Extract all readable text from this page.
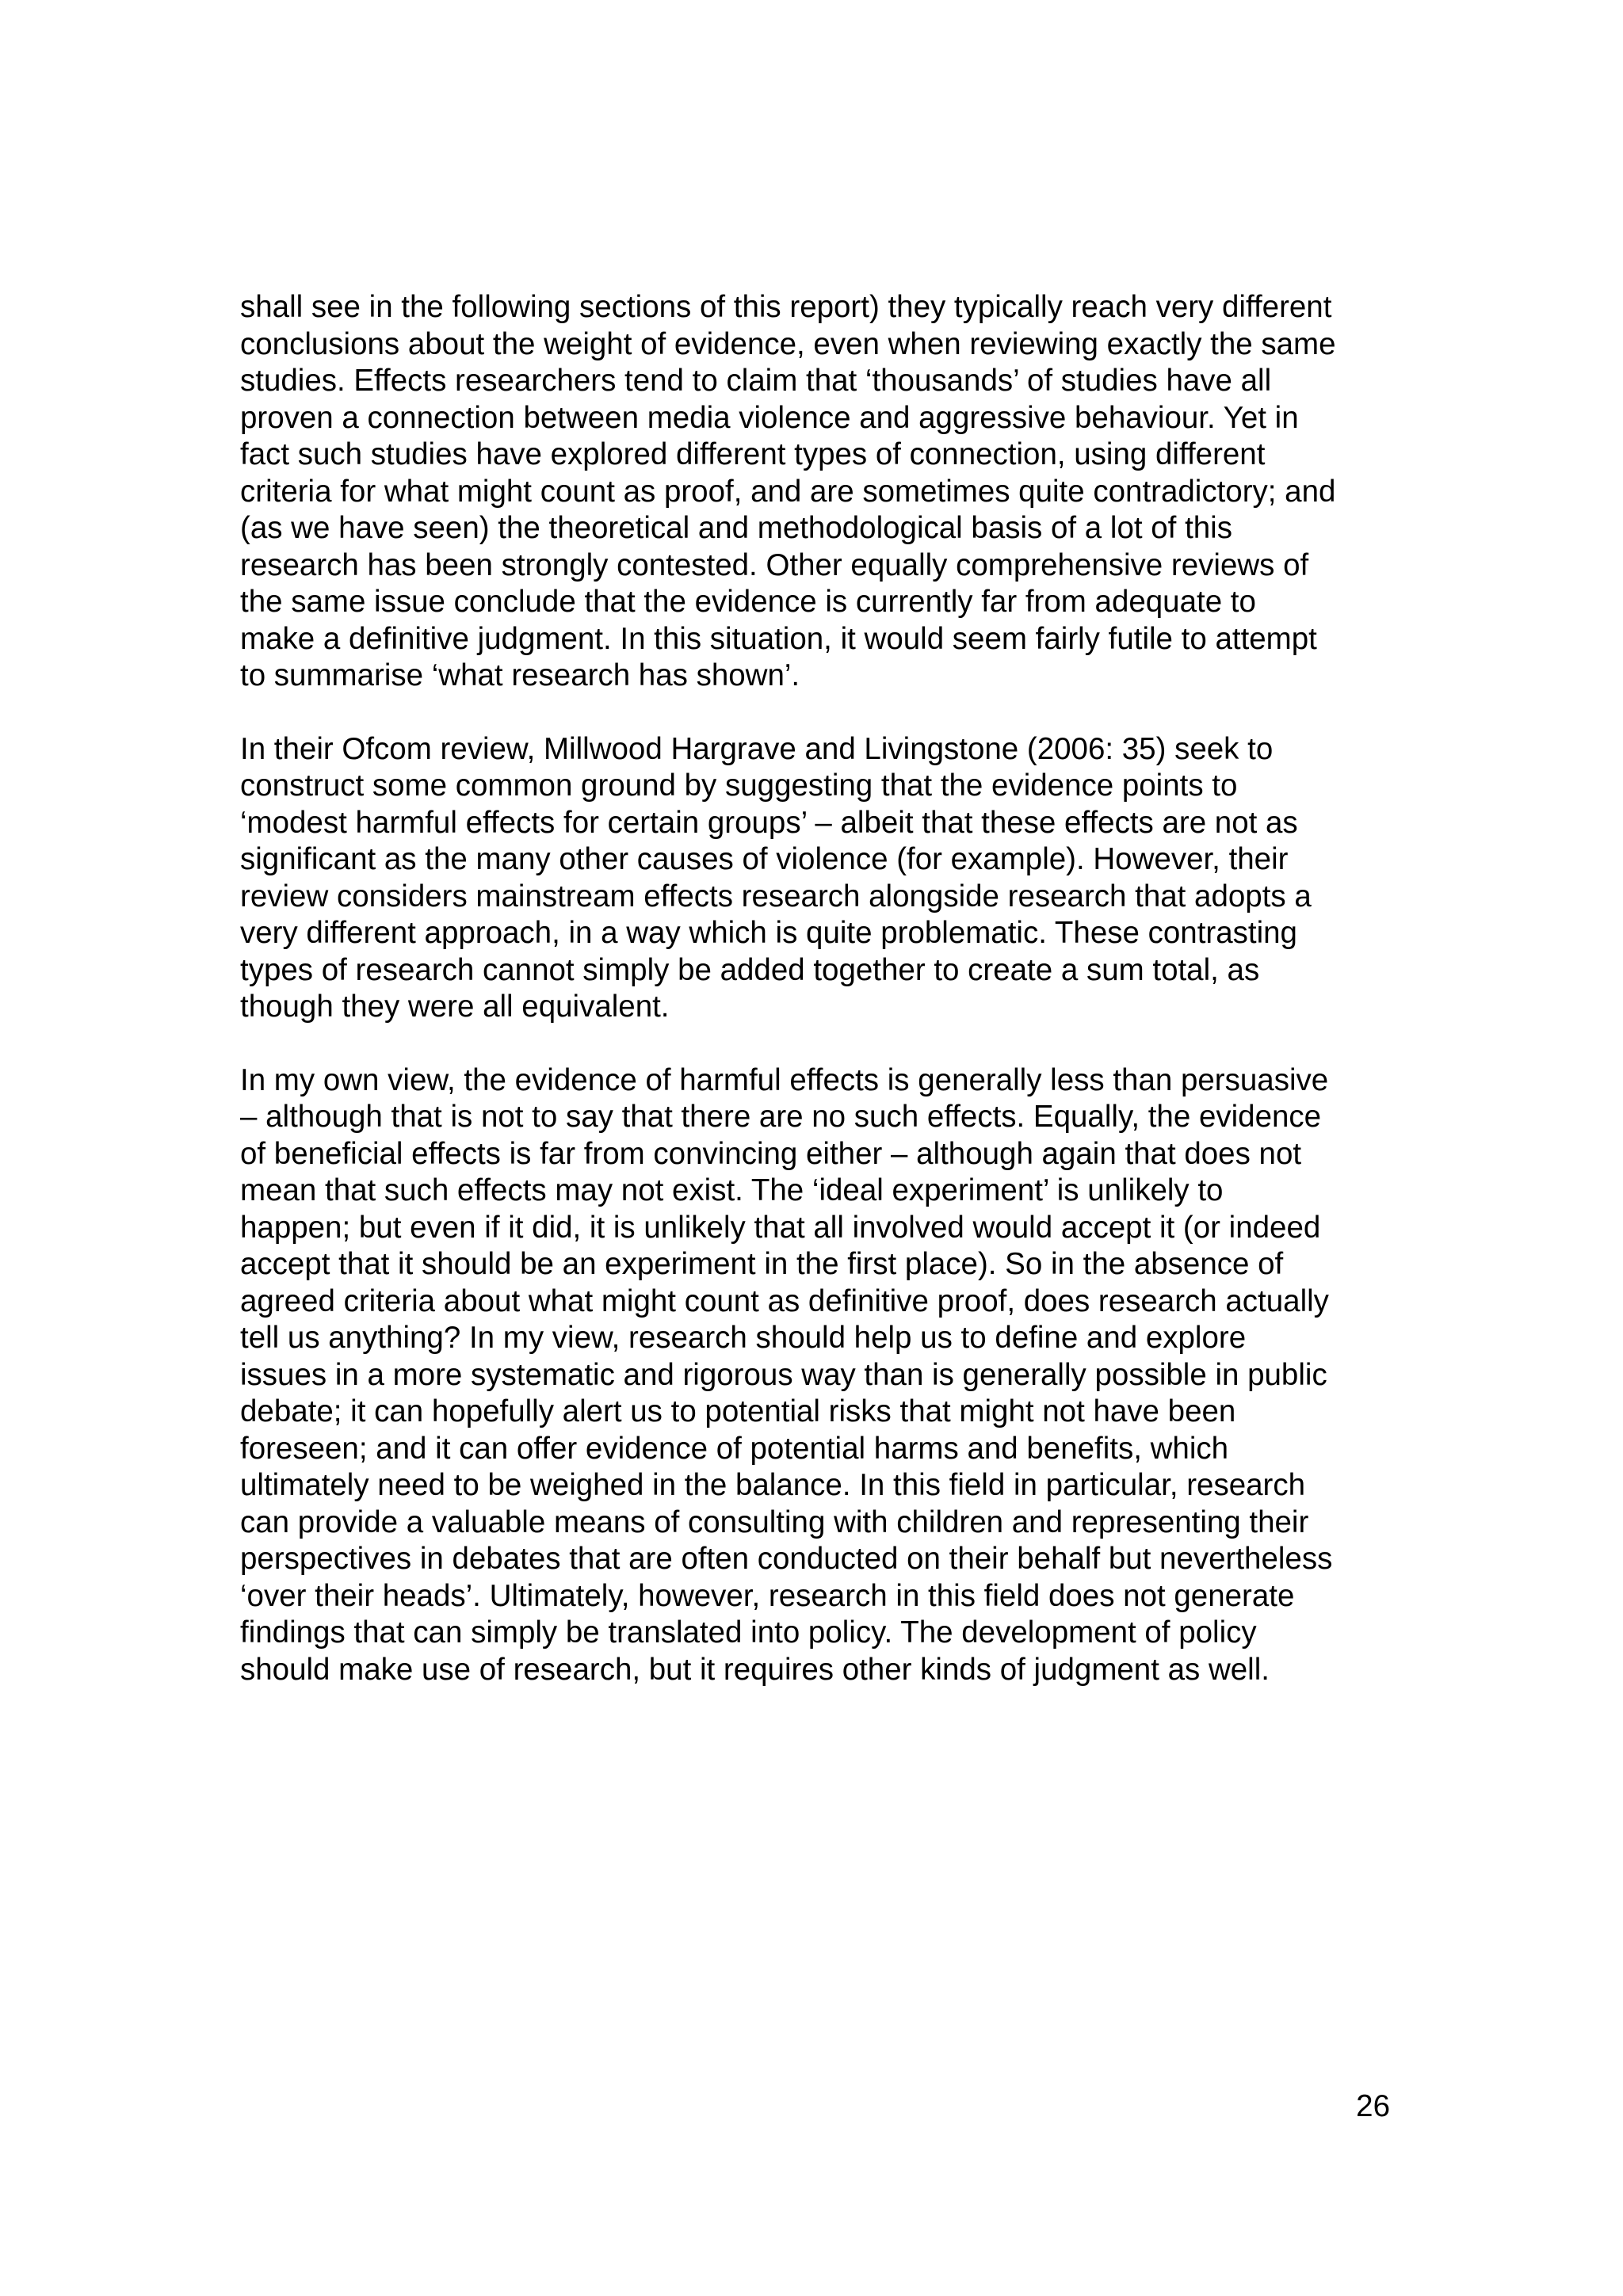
shall see in the following sections of this report) they typically reach very different
conclusions about the weight of evidence, even when reviewing exactly the same
studies. Effects researchers tend to claim that ‘thousands’ of studies have all
proven a connection between media violence and aggressive behaviour. Yet in
fact such studies have explored different types of connection, using different
criteria for what might count as proof, and are sometimes quite contradictory; and
(as we have seen) the theoretical and methodological basis of a lot of this
research has been strongly contested. Other equally comprehensive reviews of
the same issue conclude that the evidence is currently far from adequate to
make a definitive judgment. In this situation, it would seem fairly futile to attempt
to summarise ‘what research has shown’.
In their Ofcom review, Millwood Hargrave and Livingstone (2006: 35) seek to
construct some common ground by suggesting that the evidence points to
‘modest harmful effects for certain groups’ – albeit that these effects are not as
significant as the many other causes of violence (for example). However, their
review considers mainstream effects research alongside research that adopts a
very different approach, in a way which is quite problematic. These contrasting
types of research cannot simply be added together to create a sum total, as
though they were all equivalent.
In my own view, the evidence of harmful effects is generally less than persuasive
– although that is not to say that there are no such effects. Equally, the evidence
of beneficial effects is far from convincing either – although again that does not
mean that such effects may not exist. The ‘ideal experiment’ is unlikely to
happen; but even if it did, it is unlikely that all involved would accept it (or indeed
accept that it should be an experiment in the first place). So in the absence of
agreed criteria about what might count as definitive proof, does research actually
tell us anything? In my view, research should help us to define and explore
issues in a more systematic and rigorous way than is generally possible in public
debate; it can hopefully alert us to potential risks that might not have been
foreseen; and it can offer evidence of potential harms and benefits, which
ultimately need to be weighed in the balance. In this field in particular, research
can provide a valuable means of consulting with children and representing their
perspectives in debates that are often conducted on their behalf but nevertheless
‘over their heads’. Ultimately, however, research in this field does not generate
findings that can simply be translated into policy. The development of policy
should make use of research, but it requires other kinds of judgment as well.
26
